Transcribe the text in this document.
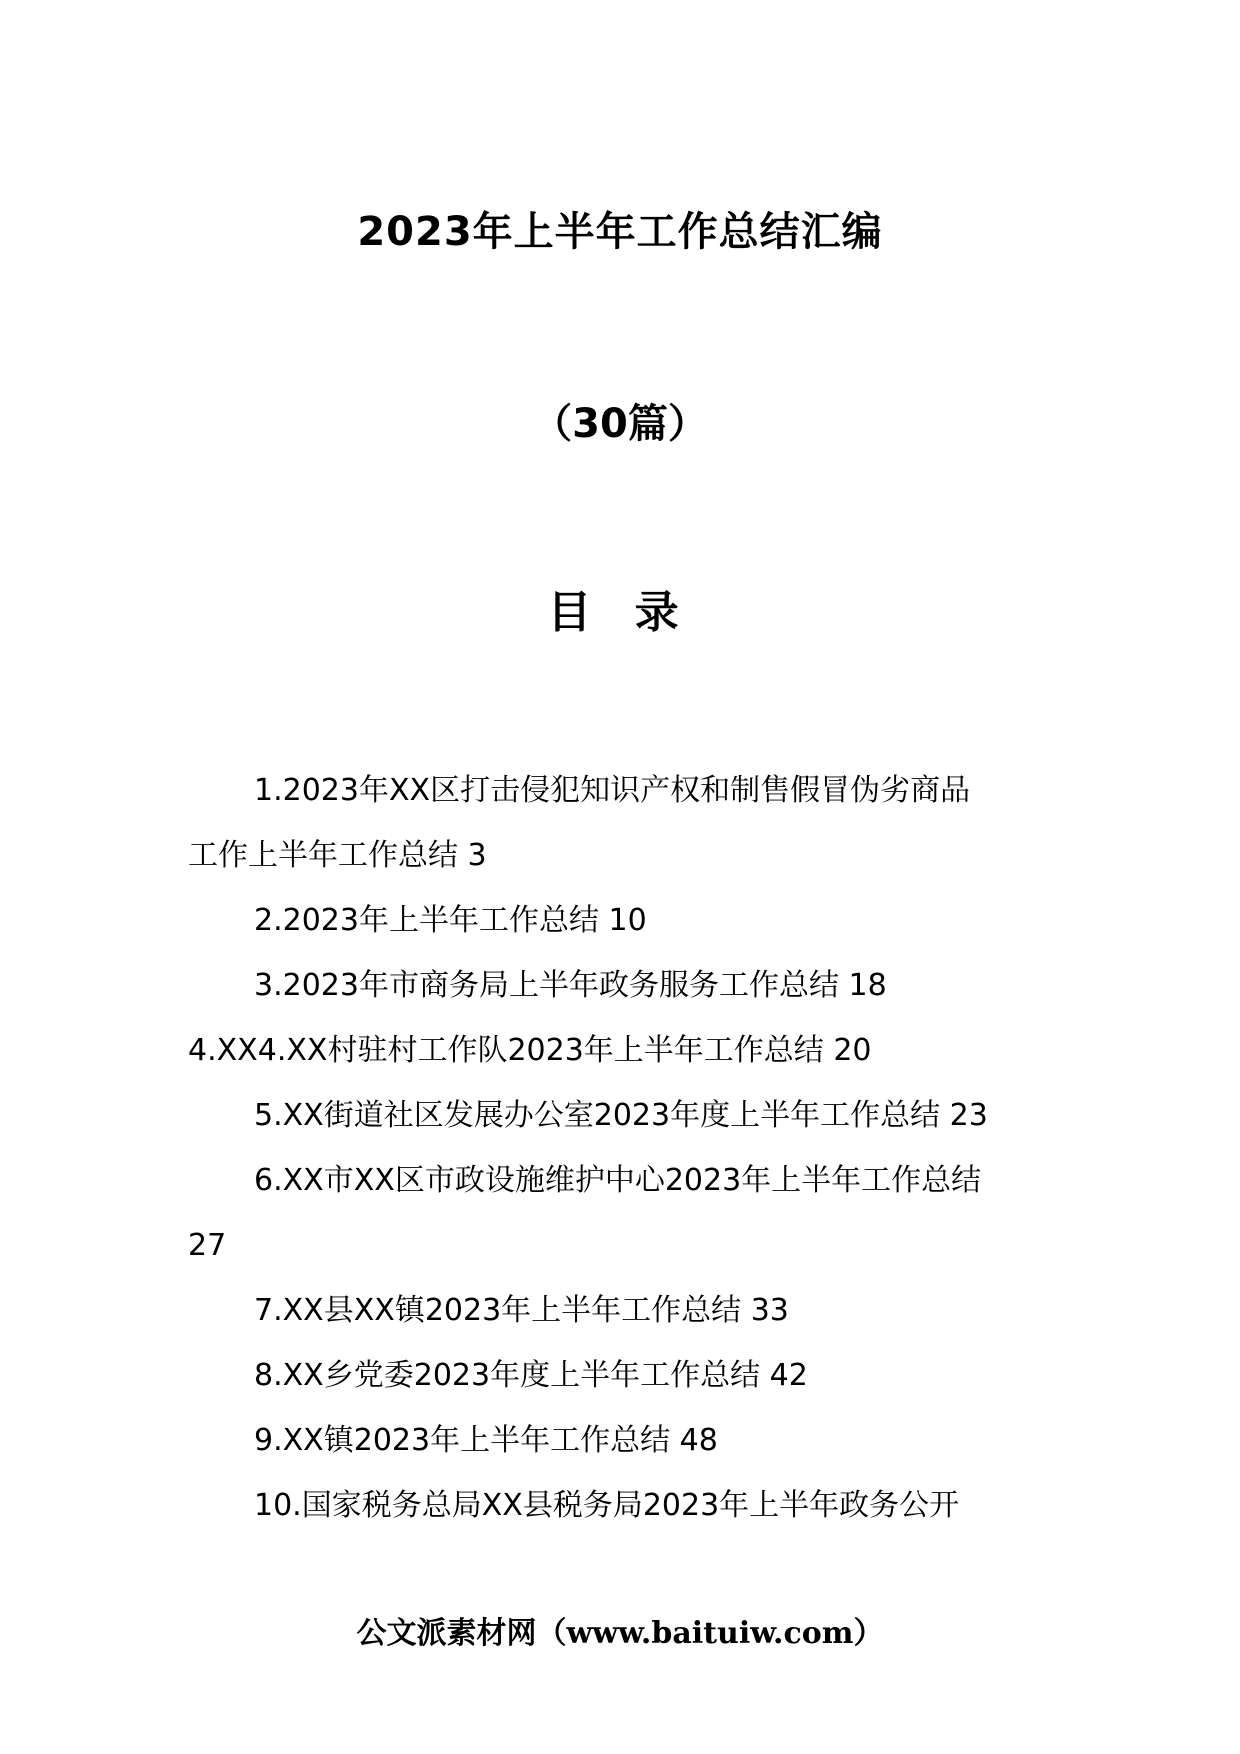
2023年上半年工作总结汇编
（30篇）
目 录
1.2023年XX区打击侵犯知识产权和制售假冒伪劣商品
工作上半年工作总结 3
2.2023年上半年工作总结 10
3.2023年市商务局上半年政务服务工作总结 18
4.XX4.XX村驻村工作队2023年上半年工作总结 20
5.XX街道社区发展办公室2023年度上半年工作总结 23
6.XX市XX区市政设施维护中心2023年上半年工作总结
27
7.XX县XX镇2023年上半年工作总结 33
8.XX乡党委2023年度上半年工作总结 42
9.XX镇2023年上半年工作总结 48
10.国家税务总局XX县税务局2023年上半年政务公开
公文派素材网（www.baituiw.com）
